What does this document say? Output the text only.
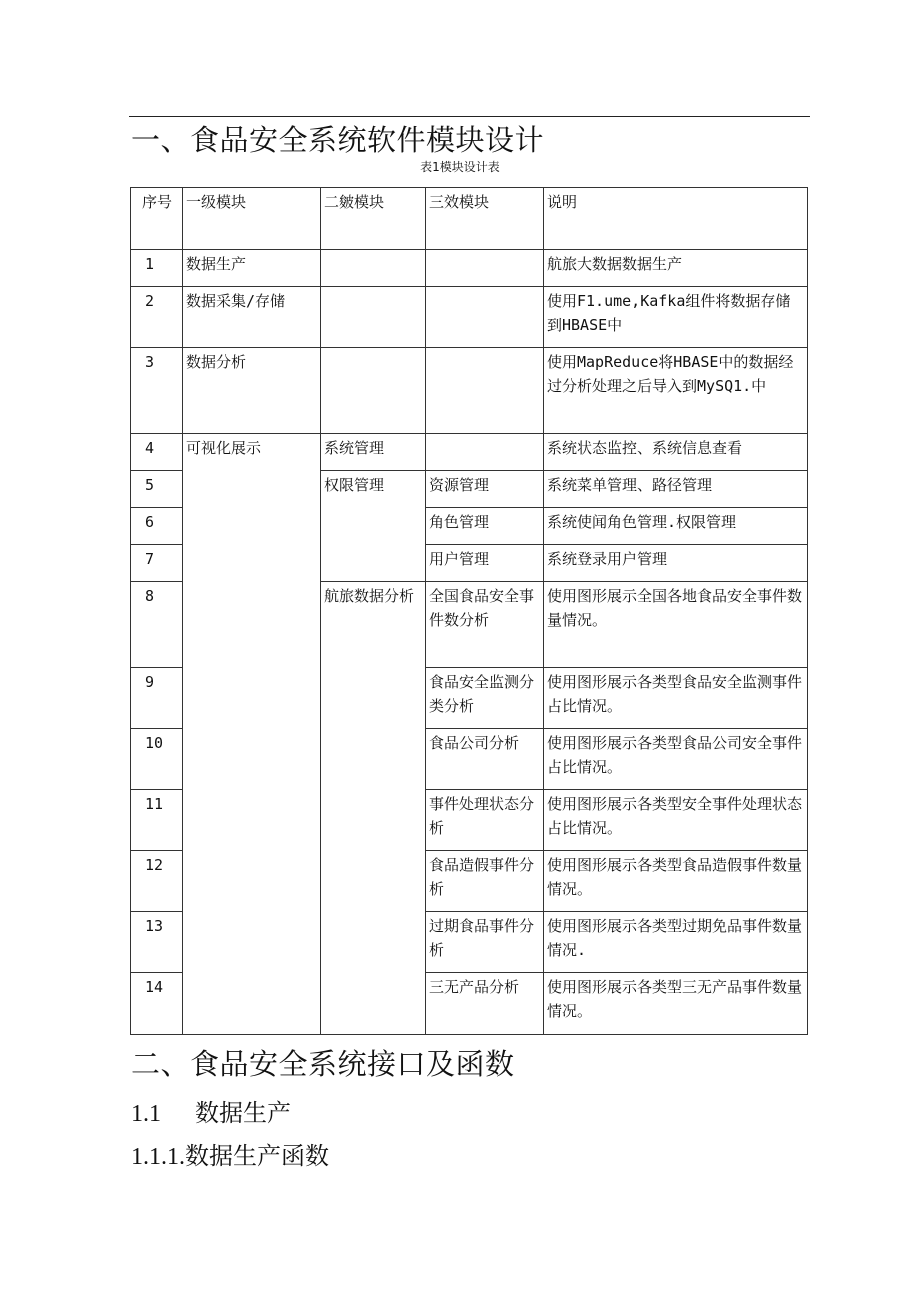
一、食品安全系统软件模块设计
表1模块设计表
序号	一级模块	二皴模块	三效模块	说明
1	数据生产			航旅大数据数据生产
2	数据采集/存储			使用F1.ume,Kafka组件将数据存储到HBASE中
3	数据分析			使用MapReduce将HBASE中的数据经过分析处理之后导入到MySQ1.中
4	可视化展示	系统管理		系统状态监控、系统信息查看
5		权限管理	资源管理	系统菜单管理、路径管理
6			角色管理	系统使闻角色管理.权限管理
7			用户管理	系统登录用户管理
8		航旅数据分析	全国食品安全事件数分析	使用图形展示全国各地食品安全事件数量情况。
9			食品安全监测分类分析	使用图形展示各类型食品安全监测事件占比情况。
10			食品公司分析	使用图形展示各类型食品公司安全事件占比情况。
11			事件处理状态分析	使用图形展示各类型安全事件处理状态占比情况。
12			食品造假事件分析	使用图形展示各类型食品造假事件数量情况。
13			过期食品事件分析	使用图形展示各类型过期免品事件数量情况.
14			三无产品分析	使用图形展示各类型三无产品事件数量情况。
二、食品安全系统接口及函数
1.1 数据生产
1.1.1.数据生产函数
